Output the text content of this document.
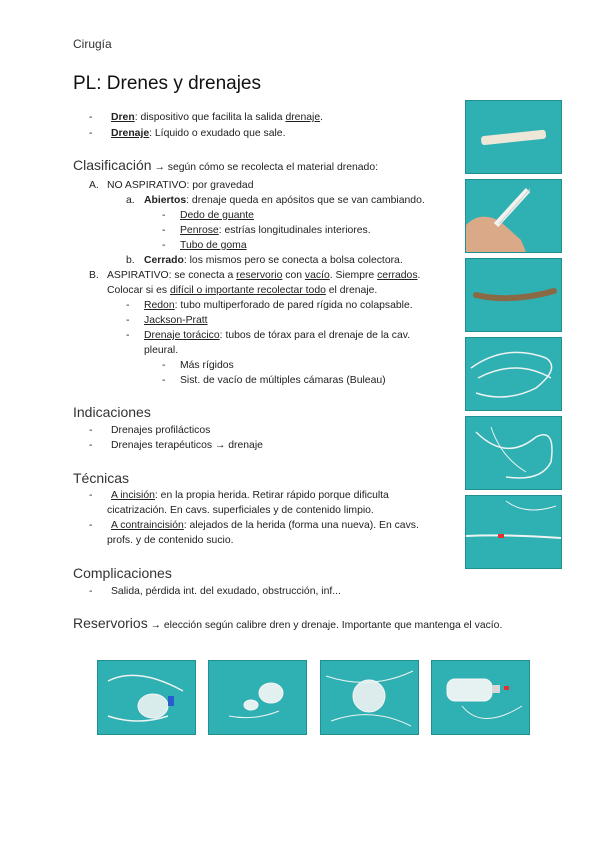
Cirugía
PL: Drenes y drenajes
- Dren: dispositivo que facilita la salida drenaje.
- Drenaje: Líquido o exudado que sale.
Clasificación → según cómo se recolecta el material drenado:
A. NO ASPIRATIVO: por gravedad
a. Abiertos: drenaje queda en apósitos que se van cambiando.
- Dedo de guante
- Penrose: estrías longitudinales interiores.
- Tubo de goma
b. Cerrado: los mismos pero se conecta a bolsa colectora.
B. ASPIRATIVO: se conecta a reservorio con vacío. Siempre cerrados.
Colocar si es difícil o importante recolectar todo el drenaje.
- Redon: tubo multiperforado de pared rígida no colapsable.
- Jackson-Pratt
- Drenaje torácico: tubos de tórax para el drenaje de la cav.
pleural.
- Más rígidos
- Sist. de vacío de múltiples cámaras (Buleau)
Indicaciones
- Drenajes profilácticos
- Drenajes terapéuticos → drenaje
Técnicas
- A incisión: en la propia herida. Retirar rápido porque dificulta
cicatrización. En cavs. superficiales y de contenido limpio.
- A contraincisión: alejados de la herida (forma una nueva). En cavs.
profs. y de contenido sucio.
Complicaciones
- Salida, pérdida int. del exudado, obstrucción, inf...
Reservorios → elección según calibre dren y drenaje. Importante que mantenga el vacío.
